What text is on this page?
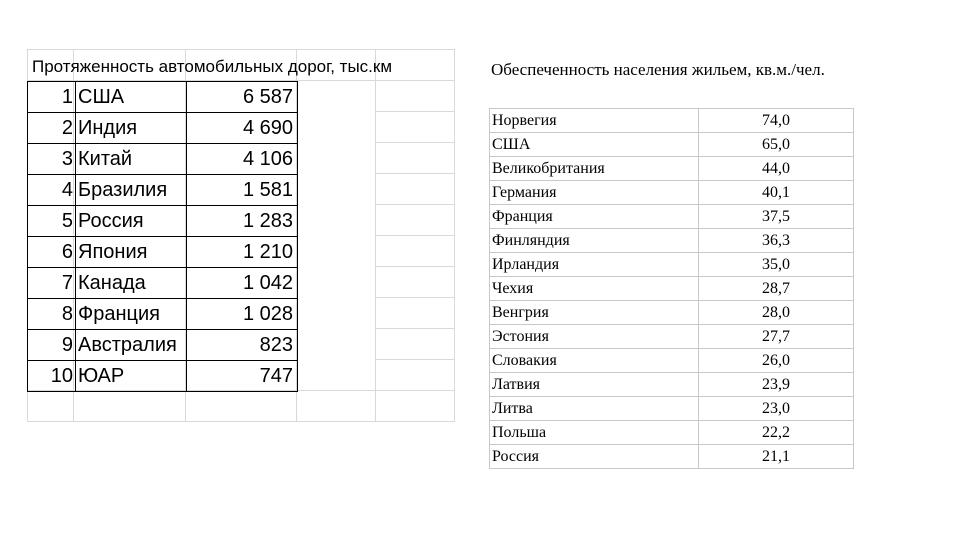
Протяженность автомобильных дорог, тыс.км
1	США	6 587
2	Индия	4 690
3	Китай	4 106
4	Бразилия	1 581
5	Россия	1 283
6	Япония	1 210
7	Канада	1 042
8	Франция	1 028
9	Австралия	823
10	ЮАР	747
Обеспеченность населения жильем, кв.м./чел.
Норвегия	74,0
США	65,0
Великобритания	44,0
Германия	40,1
Франция	37,5
Финляндия	36,3
Ирландия	35,0
Чехия	28,7
Венгрия	28,0
Эстония	27,7
Словакия	26,0
Латвия	23,9
Литва	23,0
Польша	22,2
Россия	21,1
